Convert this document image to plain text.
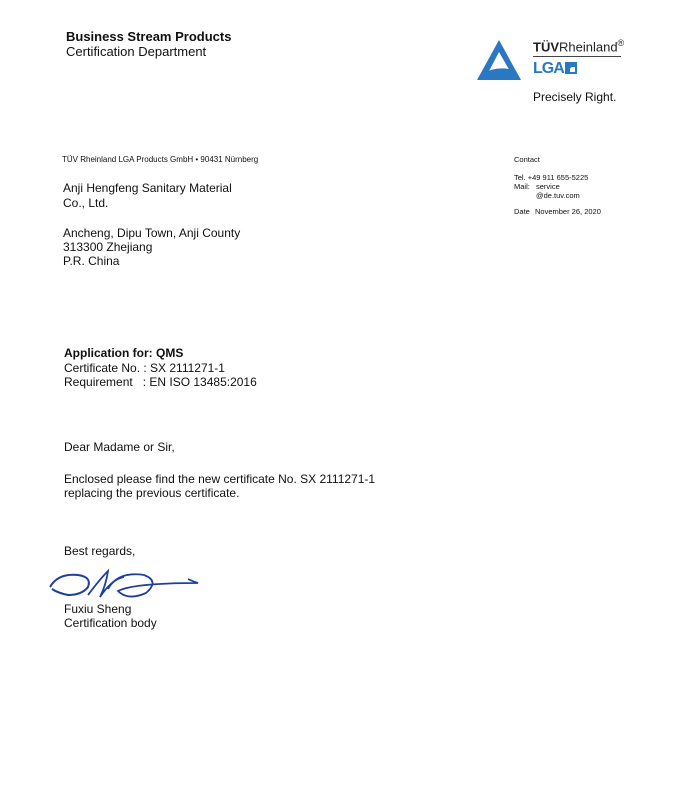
Business Stream Products
Certification Department	TÜVRheinland®
LGA
Precisely Right.
TÜV Rheinland LGA Products GmbH • 90431 Nürnberg
Anji Hengfeng Sanitary Material
Co., Ltd.
Ancheng, Dipu Town, Anji County
313300 Zhejiang
P.R. China
Contact
Tel. +49 911 655-5225
Mail: service
@de.tuv.com
Date November 26, 2020
Application for: QMS
Certificate No. : SX 2111271-1
Requirement   : EN ISO 13485:2016
Dear Madame or Sir,
Enclosed please find the new certificate No. SX 2111271-1
replacing the previous certificate.
Best regards,
Fuxiu Sheng
Certification body
